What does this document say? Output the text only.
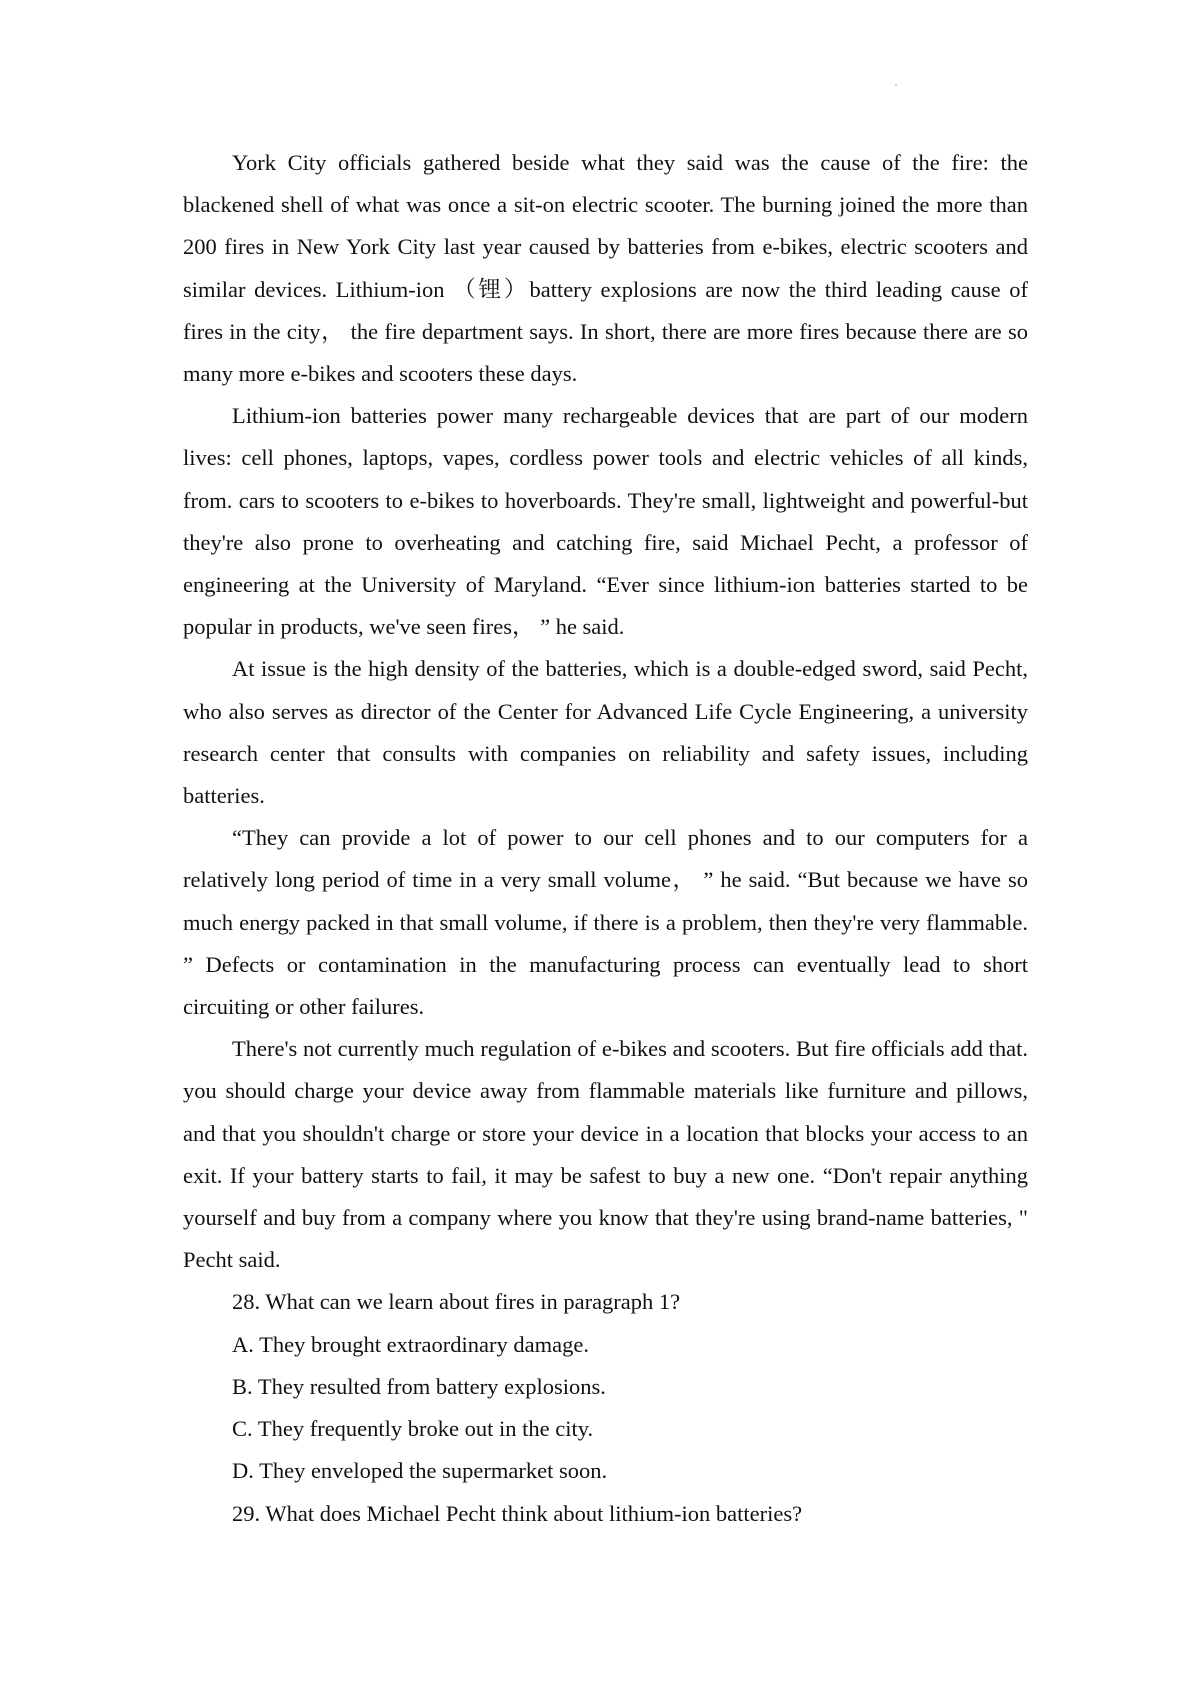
York City officials gathered beside what they said was the cause of the fire: the blackened shell of what was once a sit-on electric scooter. The burning joined the more than 200 fires in New York City last year caused by batteries from e-bikes, electric scooters and similar devices. Lithium-ion （锂）battery explosions are now the third leading cause of fires in the city， the fire department says. In short, there are more fires because there are so many more e-bikes and scooters these days.

Lithium-ion batteries power many rechargeable devices that are part of our modern lives: cell phones, laptops, vapes, cordless power tools and electric vehicles of all kinds, from. cars to scooters to e-bikes to hoverboards. They're small, lightweight and powerful-but they're also prone to overheating and catching fire, said Michael Pecht, a professor of engineering at the University of Maryland. “Ever since lithium-ion batteries started to be popular in products, we've seen fires， ” he said.

At issue is the high density of the batteries, which is a double-edged sword, said Pecht, who also serves as director of the Center for Advanced Life Cycle Engineering, a university research center that consults with companies on reliability and safety issues, including batteries.

“They can provide a lot of power to our cell phones and to our computers for a relatively long period of time in a very small volume， ” he said. “But because we have so much energy packed in that small volume, if there is a problem, then they're very flammable. ” Defects or contamination in the manufacturing process can eventually lead to short circuiting or other failures.

There's not currently much regulation of e-bikes and scooters. But fire officials add that. you should charge your device away from flammable materials like furniture and pillows, and that you shouldn't charge or store your device in a location that blocks your access to an exit. If your battery starts to fail, it may be safest to buy a new one. “Don't repair anything yourself and buy from a company where you know that they're using brand-name batteries, " Pecht said.

28. What can we learn about fires in paragraph 1?

A. They brought extraordinary damage.

B. They resulted from battery explosions.

C. They frequently broke out in the city.

D. They enveloped the supermarket soon.

29. What does Michael Pecht think about lithium-ion batteries?
